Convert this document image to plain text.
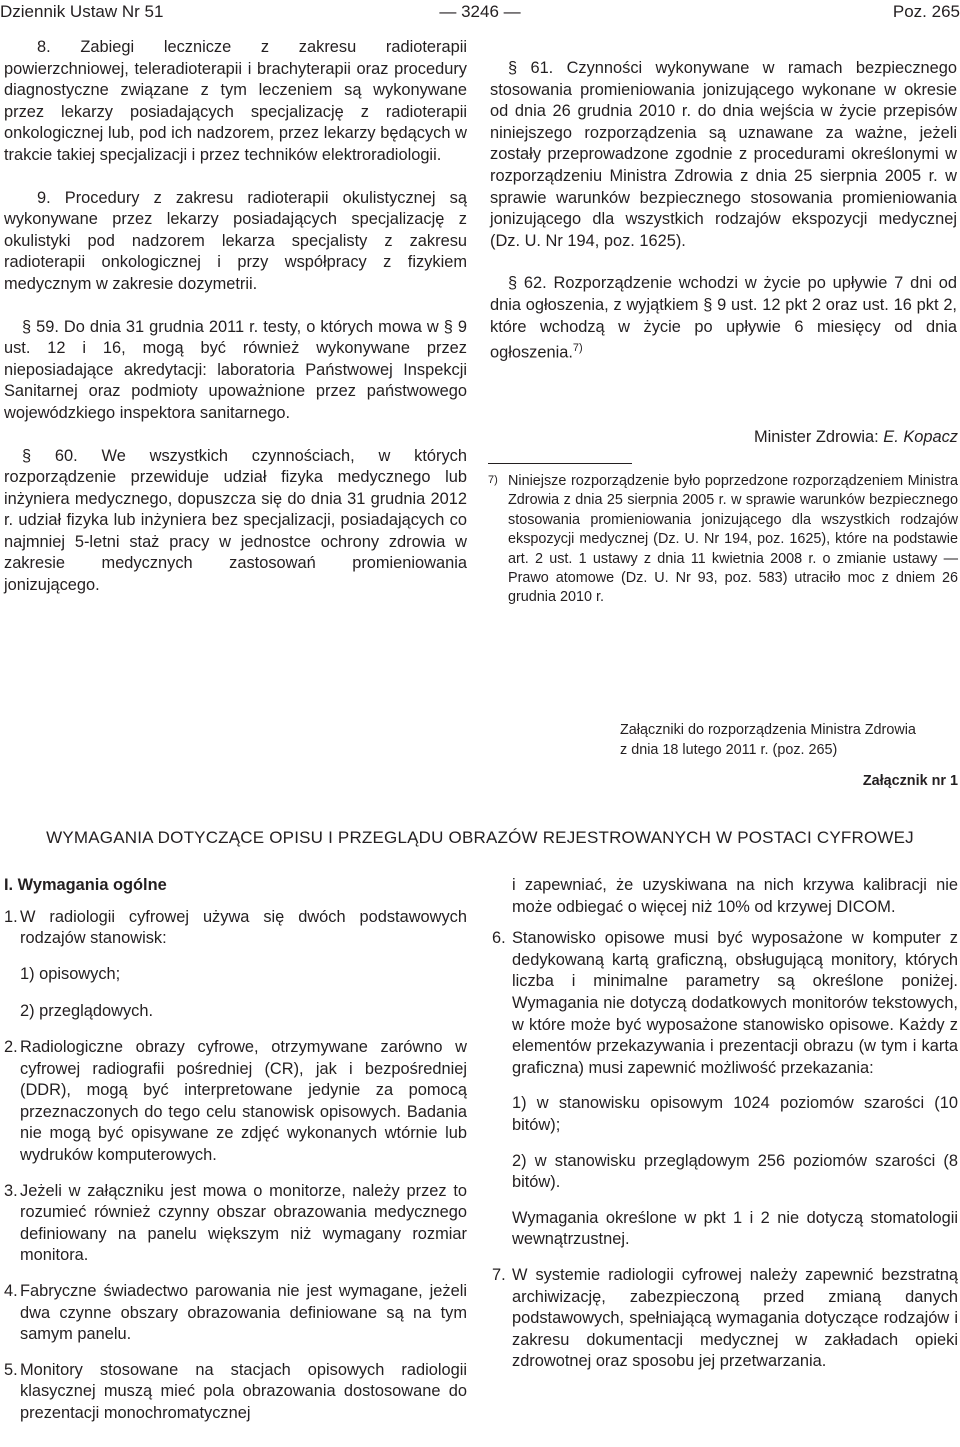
Dziennik Ustaw Nr 51	— 3246 —	Poz. 265

8. Zabiegi lecznicze z zakresu radioterapii powierzchniowej, teleradioterapii i brachyterapii oraz procedury diagnostyczne związane z tym leczeniem są wykonywane przez lekarzy posiadających specjalizację z radioterapii onkologicznej lub, pod ich nadzorem, przez lekarzy będących w trakcie takiej specjalizacji i przez techników elektroradiologii.

9. Procedury z zakresu radioterapii okulistycznej są wykonywane przez lekarzy posiadających specjalizację z okulistyki pod nadzorem lekarza specjalisty z zakresu radioterapii onkologicznej i przy współpracy z fizykiem medycznym w zakresie dozymetrii.

§ 59. Do dnia 31 grudnia 2011 r. testy, o których mowa w § 9 ust. 12 i 16, mogą być również wykonywane przez nieposiadające akredytacji: laboratoria Państwowej Inspekcji Sanitarnej oraz podmioty upoważnione przez państwowego wojewódzkiego inspektora sanitarnego.

§ 60. We wszystkich czynnościach, w których rozporządzenie przewiduje udział fizyka medycznego lub inżyniera medycznego, dopuszcza się do dnia 31 grudnia 2012 r. udział fizyka lub inżyniera bez specjalizacji, posiadających co najmniej 5-letni staż pracy w jednostce ochrony zdrowia w zakresie medycznych zastosowań promieniowania jonizującego.

§ 61. Czynności wykonywane w ramach bezpiecznego stosowania promieniowania jonizującego wykonane w okresie od dnia 26 grudnia 2010 r. do dnia wejścia w życie przepisów niniejszego rozporządzenia są uznawane za ważne, jeżeli zostały przeprowadzone zgodnie z procedurami określonymi w rozporządzeniu Ministra Zdrowia z dnia 25 sierpnia 2005 r. w sprawie warunków bezpiecznego stosowania promieniowania jonizującego dla wszystkich rodzajów ekspozycji medycznej (Dz. U. Nr 194, poz. 1625).

§ 62. Rozporządzenie wchodzi w życie po upływie 7 dni od dnia ogłoszenia, z wyjątkiem § 9 ust. 12 pkt 2 oraz ust. 16 pkt 2, które wchodzą w życie po upływie 6 miesięcy od dnia ogłoszenia.$^{7)}$

Minister Zdrowia: E. Kopacz
7) Niniejsze rozporządzenie było poprzedzone rozporządzeniem Ministra Zdrowia z dnia 25 sierpnia 2005 r. w sprawie warunków bezpiecznego stosowania promieniowania jonizującego dla wszystkich rodzajów ekspozycji medycznej (Dz. U. Nr 194, poz. 1625), które na podstawie art. 2 ust. 1 ustawy z dnia 11 kwietnia 2008 r. o zmianie ustawy — Prawo atomowe (Dz. U. Nr 93, poz. 583) utraciło moc z dniem 26 grudnia 2010 r.
Załączniki do rozporządzenia Ministra Zdrowia
z dnia 18 lutego 2011 r. (poz. 265)
Załącznik nr 1
WYMAGANIA DOTYCZĄCE OPISU I PRZEGLĄDU OBRAZÓW REJESTROWANYCH W POSTACI CYFROWEJ

I. Wymagania ogólne

1. W radiologii cyfrowej używa się dwóch podstawowych rodzajów stanowisk:

1) opisowych;

2) przeglądowych.

2. Radiologiczne obrazy cyfrowe, otrzymywane zarówno w cyfrowej radiografii pośredniej (CR), jak i bezpośredniej (DDR), mogą być interpretowane jedynie za pomocą przeznaczonych do tego celu stanowisk opisowych. Badania nie mogą być opisywane ze zdjęć wykonanych wtórnie lub wydruków komputerowych.
3. Jeżeli w załączniku jest mowa o monitorze, należy przez to rozumieć również czynny obszar obrazowania medycznego definiowany na panelu większym niż wymagany rozmiar monitora.
4. Fabryczne świadectwo parowania nie jest wymagane, jeżeli dwa czynne obszary obrazowania definiowane są na tym samym panelu.
5. Monitory stosowane na stacjach opisowych radiologii klasycznej muszą mieć pola obrazowania dostosowane do prezentacji monochromatycznej

i zapewniać, że uzyskiwana na nich krzywa kalibracji nie może odbiegać o więcej niż 10% od krzywej DICOM.

6. Stanowisko opisowe musi być wyposażone w komputer z dedykowaną kartą graficzną, obsługującą monitory, których liczba i minimalne parametry są określone poniżej. Wymagania nie dotyczą dodatkowych monitorów tekstowych, w które może być wyposażone stanowisko opisowe. Każdy z elementów przekazywania i prezentacji obrazu (w tym i karta graficzna) musi zapewnić możliwość przekazania:

1) w stanowisku opisowym 1024 poziomów szarości (10 bitów);

2) w stanowisku przeglądowym 256 poziomów szarości (8 bitów).

Wymagania określone w pkt 1 i 2 nie dotyczą stomatologii wewnątrzustnej.

7. W systemie radiologii cyfrowej należy zapewnić bezstratną archiwizację, zabezpieczoną przed zmianą danych podstawowych, spełniającą wymagania dotyczące rodzajów i zakresu dokumentacji medycznej w zakładach opieki zdrowotnej oraz sposobu jej przetwarzania.
